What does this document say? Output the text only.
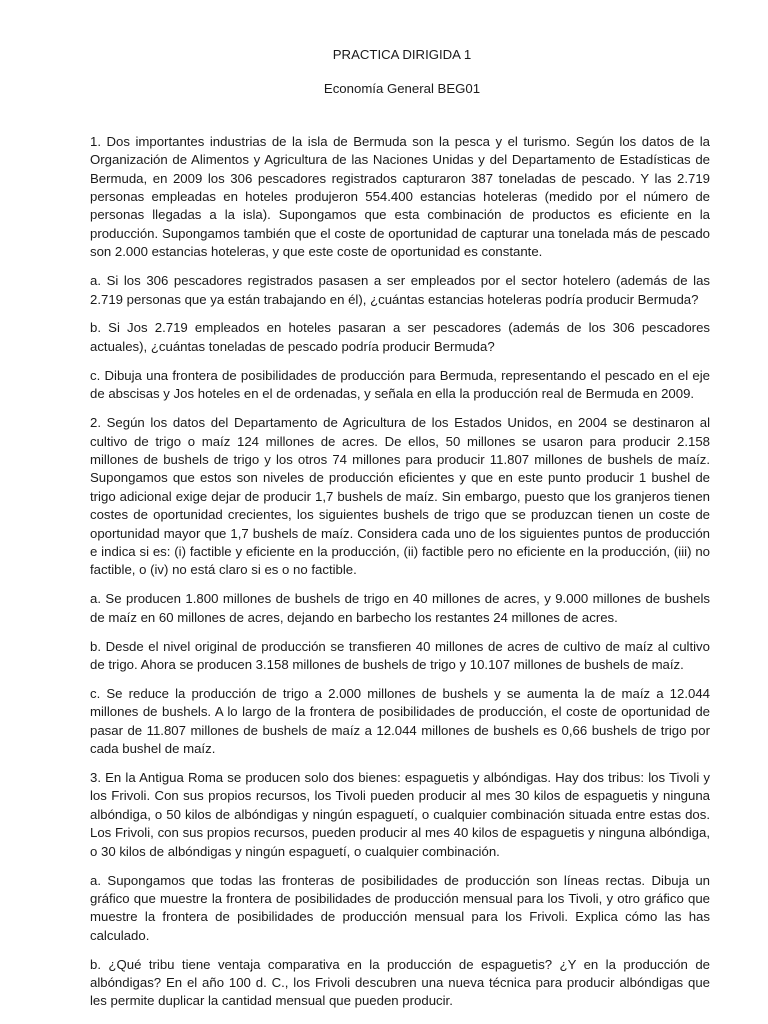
PRACTICA DIRIGIDA 1

Economía General BEG01

1. Dos importantes industrias de la isla de Bermuda son la pesca y el turismo. Según los datos de la Organización de Alimentos y Agricultura de las Naciones Unidas y del Departamento de Estadísticas de Bermuda, en 2009 los 306 pescadores registrados capturaron 387 toneladas de pescado. Y las 2.719 personas empleadas en hoteles produjeron 554.400 estancias hoteleras (medido por el número de personas llegadas a la isla). Supongamos que esta combinación de productos es eficiente en la producción. Supongamos también que el coste de oportunidad de capturar una tonelada más de pescado son 2.000 estancias hoteleras, y que este coste de oportunidad es constante.

a. Si los 306 pescadores registrados pasasen a ser empleados por el sector hotelero (además de las 2.719 personas que ya están trabajando en él), ¿cuántas estancias hoteleras podría producir Bermuda?

b. Si Jos 2.719 empleados en hoteles pasaran a ser pescadores (además de los 306 pescadores actuales), ¿cuántas toneladas de pescado podría producir Bermuda?

c. Dibuja una frontera de posibilidades de producción para Bermuda, representando el pescado en el eje de abscisas y Jos hoteles en el de ordenadas, y señala en ella la producción real de Bermuda en 2009.

2. Según los datos del Departamento de Agricultura de los Estados Unidos, en 2004 se destinaron al cultivo de trigo o maíz 124 millones de acres. De ellos, 50 millones se usaron para producir 2.158 millones de bushels de trigo y los otros 74 millones para producir 11.807 millones de bushels de maíz. Supongamos que estos son niveles de producción eficientes y que en este punto producir 1 bushel de trigo adicional exige dejar de producir 1,7 bushels de maíz. Sin embargo, puesto que los granjeros tienen costes de oportunidad crecientes, los siguientes bushels de trigo que se produzcan tienen un coste de oportunidad mayor que 1,7 bushels de maíz. Considera cada uno de los siguientes puntos de producción e indica si es: (i) factible y eficiente en la producción, (ii) factible pero no eficiente en la producción, (iii) no factible, o (iv) no está claro si es o no factible.

a. Se producen 1.800 millones de bushels de trigo en 40 millones de acres, y 9.000 millones de bushels de maíz en 60 millones de acres, dejando en barbecho los restantes 24 millones de acres.

b. Desde el nivel original de producción se transfieren 40 millones de acres de cultivo de maíz al cultivo de trigo. Ahora se producen 3.158 millones de bushels de trigo y 10.107 millones de bushels de maíz.

c. Se reduce la producción de trigo a 2.000 millones de bushels y se aumenta la de maíz a 12.044 millones de bushels. A lo largo de la frontera de posibilidades de producción, el coste de oportunidad de pasar de 11.807 millones de bushels de maíz a 12.044 millones de bushels es 0,66 bushels de trigo por cada bushel de maíz.

3. En la Antigua Roma se producen solo dos bienes: espaguetis y albóndigas. Hay dos tribus: los Tivoli y los Frivoli. Con sus propios recursos, los Tivoli pueden producir al mes 30 kilos de espaguetis y ninguna albóndiga, o 50 kilos de albóndigas y ningún espaguetí, o cualquier combinación situada entre estas dos. Los Frivoli, con sus propios recursos, pueden producir al mes 40 kilos de espaguetis y ninguna albóndiga, o 30 kilos de albóndigas y ningún espaguetí, o cualquier combinación.

a. Supongamos que todas las fronteras de posibilidades de producción son líneas rectas. Dibuja un gráfico que muestre la frontera de posibilidades de producción mensual para los Tivoli, y otro gráfico que muestre la frontera de posibilidades de producción mensual para los Frivoli. Explica cómo las has calculado.

b. ¿Qué tribu tiene ventaja comparativa en la producción de espaguetis? ¿Y en la producción de albóndigas? En el año 100 d. C., los Frivoli descubren una nueva técnica para producir albóndigas que les permite duplicar la cantidad mensual que pueden producir.
